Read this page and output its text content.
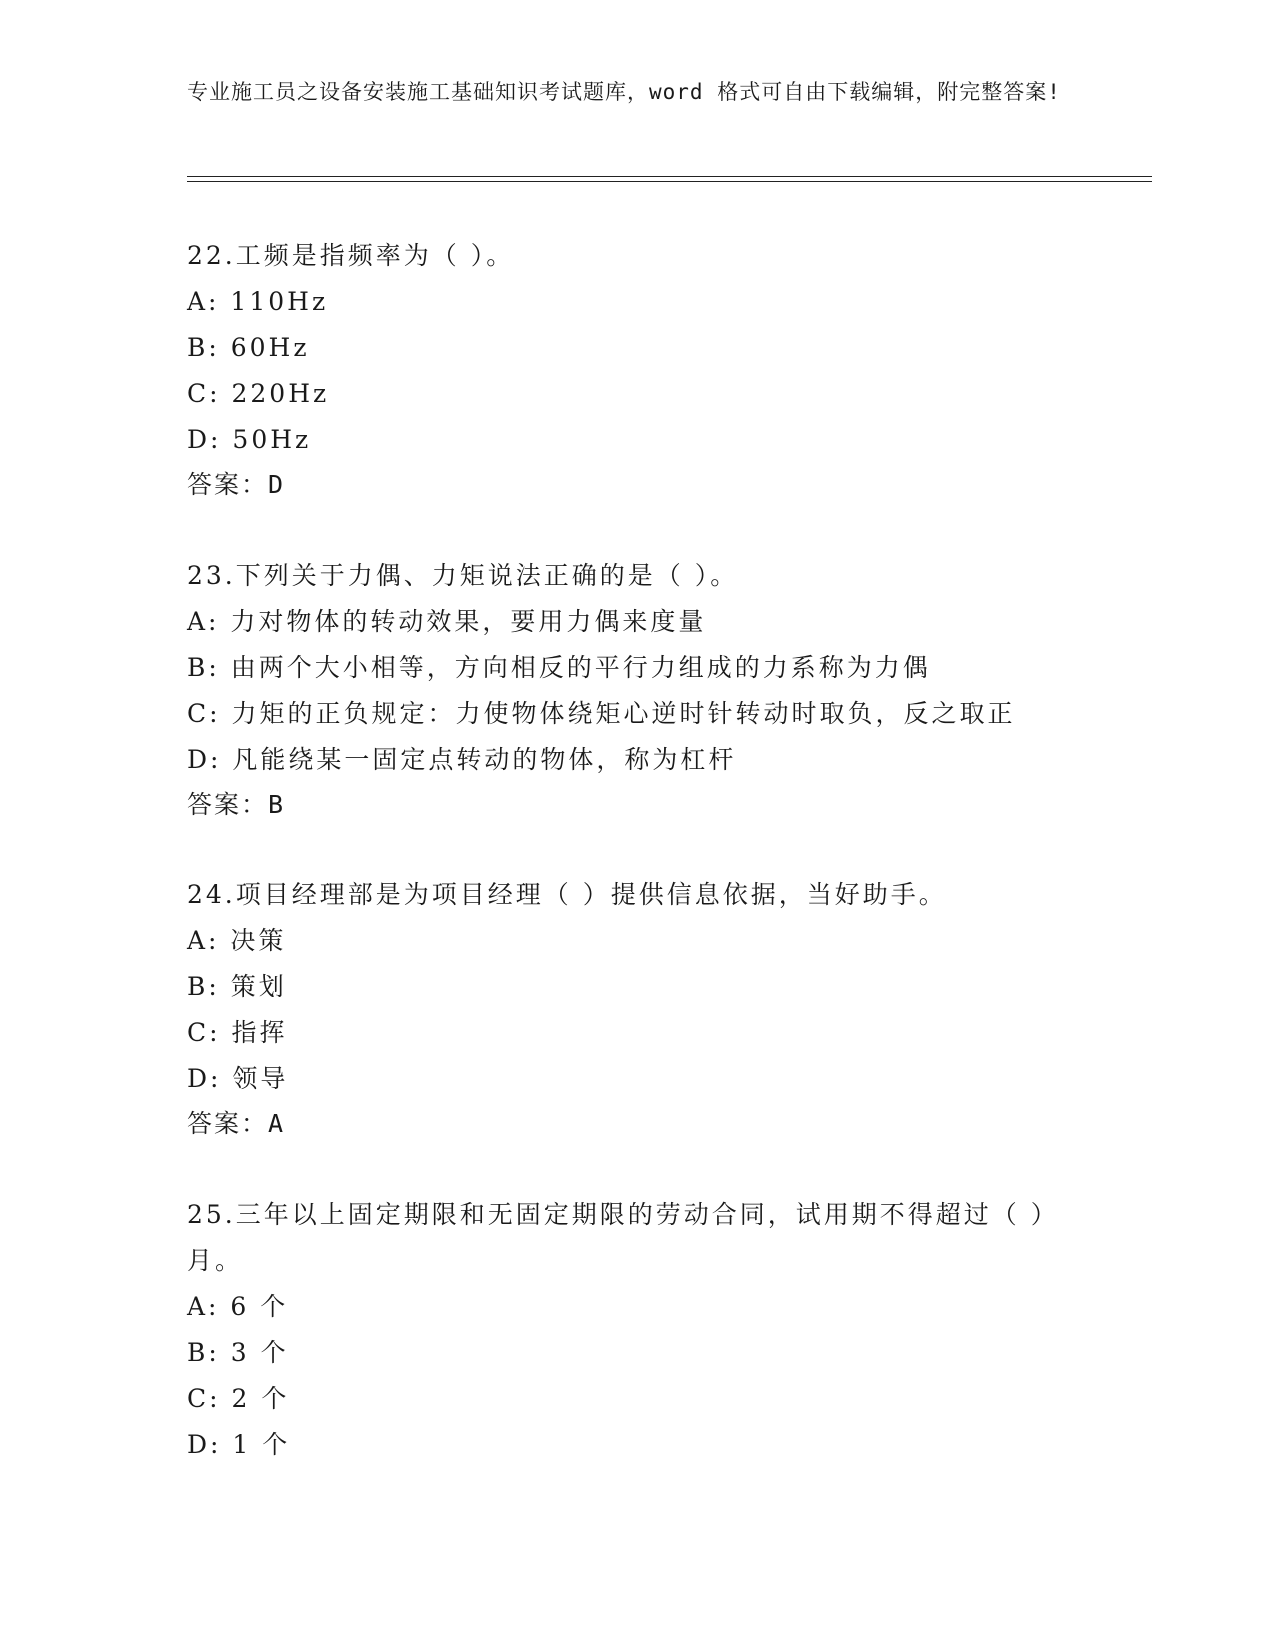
专业施工员之设备安装施工基础知识考试题库，word 格式可自由下载编辑，附完整答案!
22.工频是指频率为（ ）。
A: 110Hz
B: 60Hz
C: 220Hz
D: 50Hz
答案：D
23.下列关于力偶、力矩说法正确的是（ ）。
A: 力对物体的转动效果，要用力偶来度量
B: 由两个大小相等，方向相反的平行力组成的力系称为力偶
C: 力矩的正负规定：力使物体绕矩心逆时针转动时取负，反之取正
D: 凡能绕某一固定点转动的物体，称为杠杆
答案：B
24.项目经理部是为项目经理（ ）提供信息依据，当好助手。
A: 决策
B: 策划
C: 指挥
D: 领导
答案：A
25.三年以上固定期限和无固定期限的劳动合同，试用期不得超过（ ）月。
A: 6 个
B: 3 个
C: 2 个
D: 1 个
